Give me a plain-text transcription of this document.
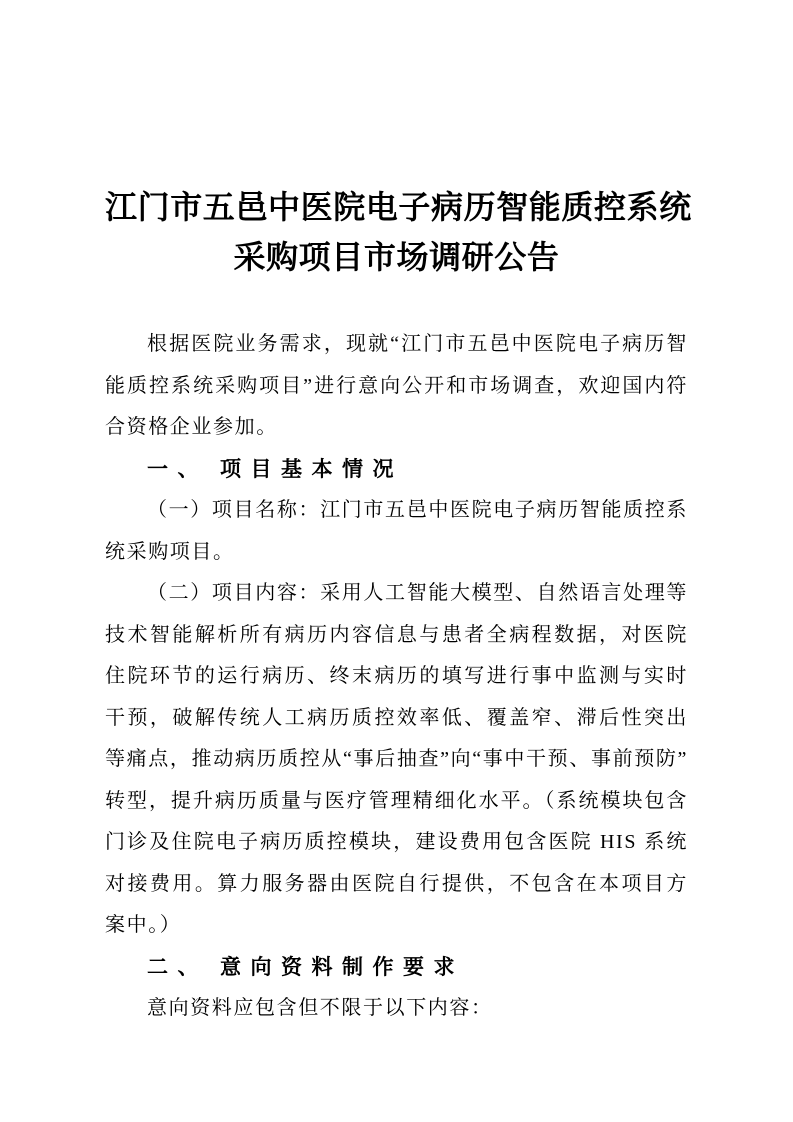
江门市五邑中医院电子病历智能质控系统
采购项目市场调研公告

根据医院业务需求，现就“江门市五邑中医院电子病历智能质控系统采购项目”进行意向公开和市场调查，欢迎国内符合资格企业参加。

一、 项目基本情况

（一）项目名称：江门市五邑中医院电子病历智能质控系统采购项目。

（二）项目内容：采用人工智能大模型、自然语言处理等技术智能解析所有病历内容信息与患者全病程数据，对医院住院环节的运行病历、终末病历的填写进行事中监测与实时干预，破解传统人工病历质控效率低、覆盖窄、滞后性突出等痛点，推动病历质控从“事后抽查”向“事中干预、事前预防”转型，提升病历质量与医疗管理精细化水平。（系统模块包含门诊及住院电子病历质控模块，建设费用包含医院 HIS 系统对接费用。算力服务器由医院自行提供，不包含在本项目方案中。）

二、 意向资料制作要求

意向资料应包含但不限于以下内容：
